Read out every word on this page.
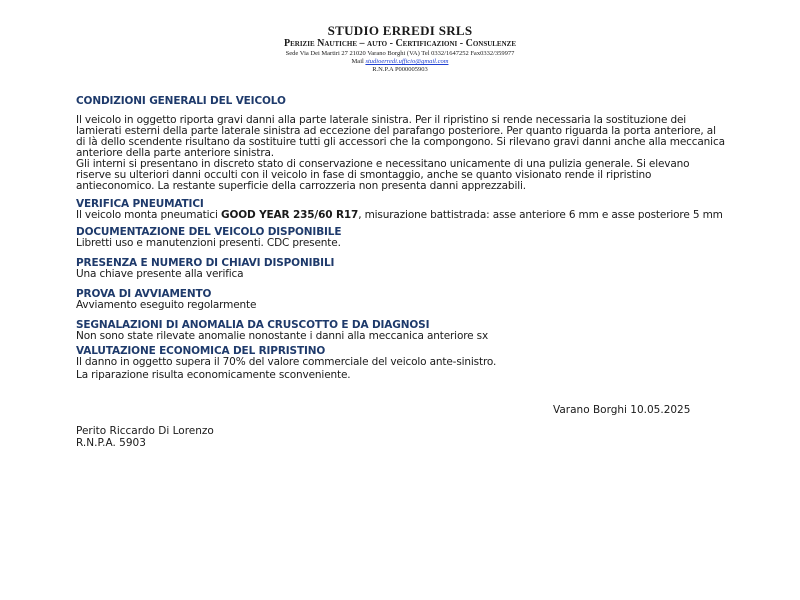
STUDIO ERREDI SRLS
Perizie Nautiche – auto - Certificazioni - Consulenze
Sede Via Dei Martiri 27 21020 Varano Borghi (VA) Tel 0332/1647252 Fax0332/359977
Mail studioerredi.ufficio@gmail.com
R.N.P.A P000005903
CONDIZIONI GENERALI DEL VEICOLO

Il veicolo in oggetto riporta gravi danni alla parte laterale sinistra. Per il ripristino si rende necessaria la sostituzione dei lamierati esterni della parte laterale sinistra ad eccezione del parafango posteriore. Per quanto riguarda la porta anteriore, al di là dello scendente risultano da sostituire tutti gli accessori che la compongono. Si rilevano gravi danni anche alla meccanica anteriore della parte anteriore sinistra.

Gli interni si presentano in discreto stato di conservazione e necessitano unicamente di una pulizia generale. Si elevano riserve su ulteriori danni occulti con il veicolo in fase di smontaggio, anche se quanto visionato rende il ripristino antieconomico. La restante superficie della carrozzeria non presenta danni apprezzabili.

VERIFICA PNEUMATICI

Il veicolo monta pneumatici GOOD YEAR 235/60 R17, misurazione battistrada: asse anteriore 6 mm e asse posteriore 5 mm

DOCUMENTAZIONE DEL VEICOLO DISPONIBILE

Libretti uso e manutenzioni presenti. CDC presente.

PRESENZA E NUMERO DI CHIAVI DISPONIBILI

Una chiave presente alla verifica

PROVA DI AVVIAMENTO

Avviamento eseguito regolarmente

SEGNALAZIONI DI ANOMALIA DA CRUSCOTTO E DA DIAGNOSI

Non sono state rilevate anomalie nonostante i danni alla meccanica anteriore sx

VALUTAZIONE ECONOMICA DEL RIPRISTINO

Il danno in oggetto supera il 70% del valore commerciale del veicolo ante-sinistro.

La riparazione risulta economicamente sconveniente.

Varano Borghi 10.05.2025
Perito Riccardo Di Lorenzo
R.N.P.A. 5903
